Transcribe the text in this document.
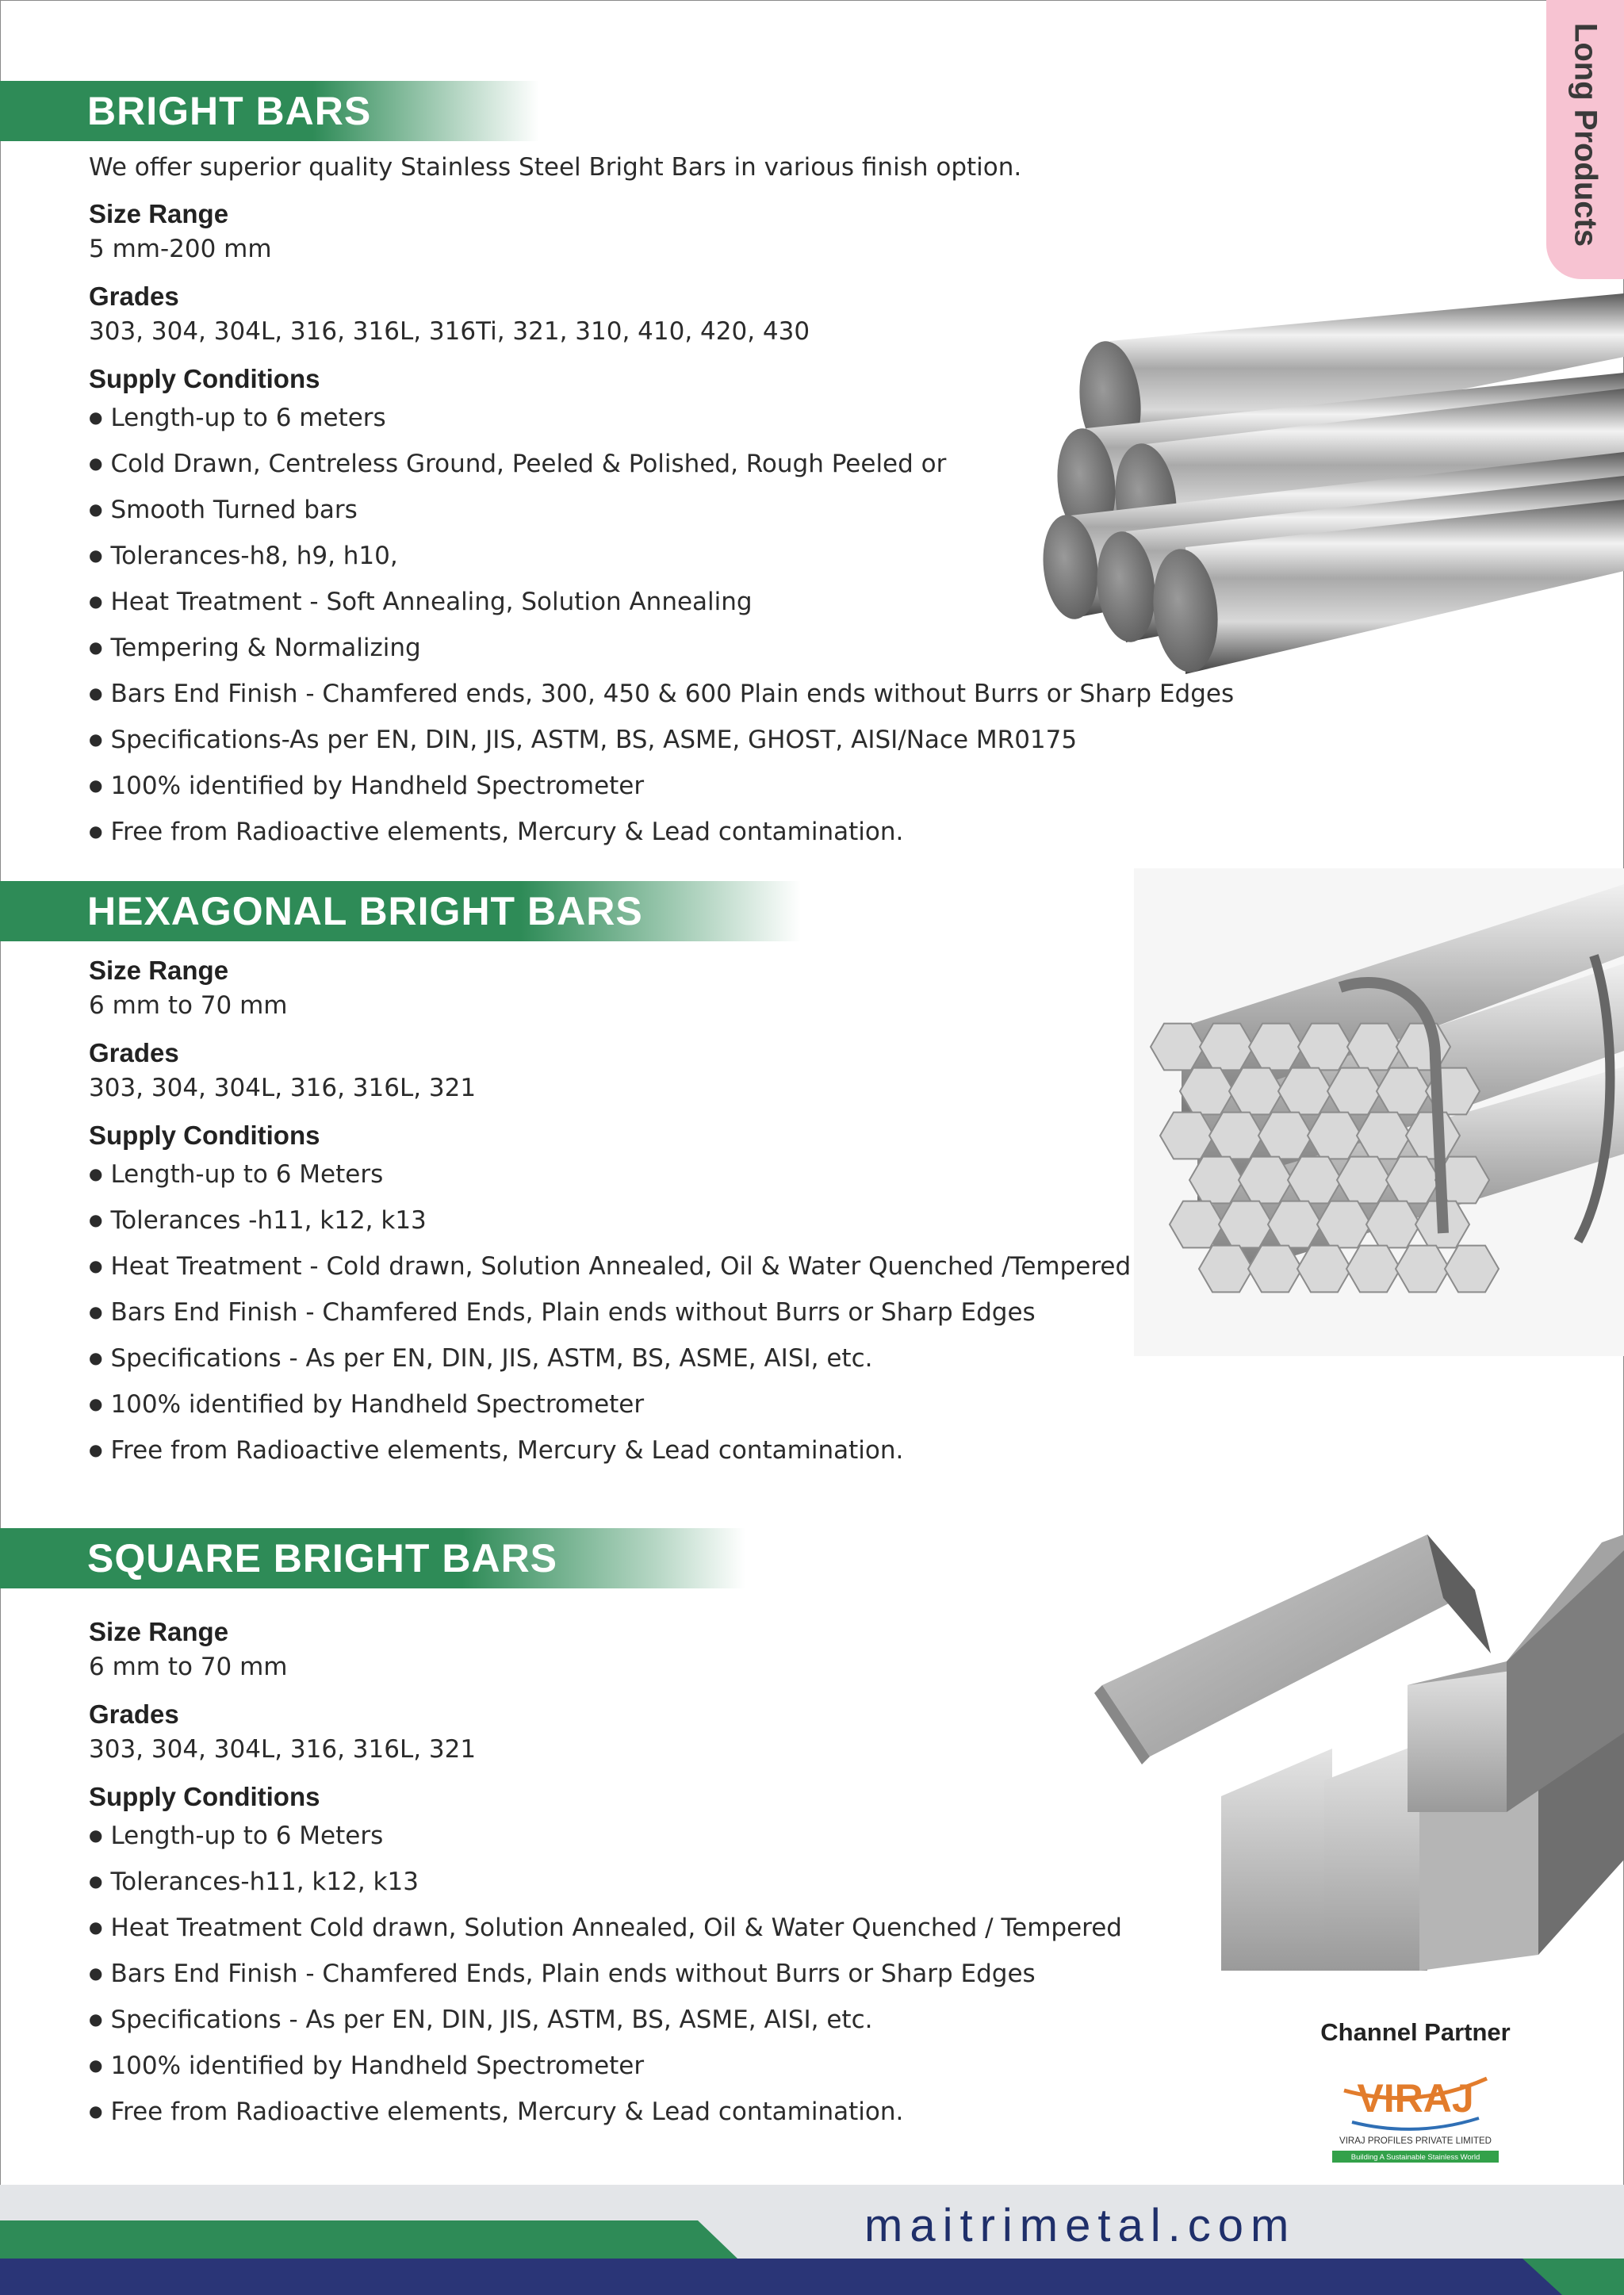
Long Products
BRIGHT BARS

We offer superior quality Stainless Steel Bright Bars in various finish option.

Size Range

5 mm-200 mm

Grades

303, 304, 304L, 316, 316L, 316Ti, 321, 310, 410, 420, 430

Supply Conditions

● Length-up to 6 meters
● Cold Drawn, Centreless Ground, Peeled & Polished, Rough Peeled or
● Smooth Turned bars
● Tolerances-h8, h9, h10,
● Heat Treatment - Soft Annealing, Solution Annealing
● Tempering & Normalizing
● Bars End Finish - Chamfered ends, 300, 450 & 600 Plain ends without Burrs or Sharp Edges
● Specifications-As per EN, DIN, JIS, ASTM, BS, ASME, GHOST, AISI/Nace MR0175
● 100% identified by Handheld Spectrometer
● Free from Radioactive elements, Mercury & Lead contamination.
HEXAGONAL BRIGHT BARS

Size Range

6 mm to 70 mm

Grades

303, 304, 304L, 316, 316L, 321

Supply Conditions

● Length-up to 6 Meters
● Tolerances -h11, k12, k13
● Heat Treatment - Cold drawn, Solution Annealed, Oil & Water Quenched /Tempered
● Bars End Finish - Chamfered Ends, Plain ends without Burrs or Sharp Edges
● Specifications - As per EN, DIN, JIS, ASTM, BS, ASME, AISI, etc.
● 100% identified by Handheld Spectrometer
● Free from Radioactive elements, Mercury & Lead contamination.
SQUARE BRIGHT BARS

Size Range

6 mm to 70 mm

Grades

303, 304, 304L, 316, 316L, 321

Supply Conditions

● Length-up to 6 Meters
● Tolerances-h11, k12, k13
● Heat Treatment Cold drawn, Solution Annealed, Oil & Water Quenched / Tempered
● Bars End Finish - Chamfered Ends, Plain ends without Burrs or Sharp Edges
● Specifications - As per EN, DIN, JIS, ASTM, BS, ASME, AISI, etc.
● 100% identified by Handheld Spectrometer
● Free from Radioactive elements, Mercury & Lead contamination.
Channel Partner
VIRAJ
VIRAJ PROFILES PRIVATE LIMITED
Building A Sustainable Stainless World
maitrimetal.com
